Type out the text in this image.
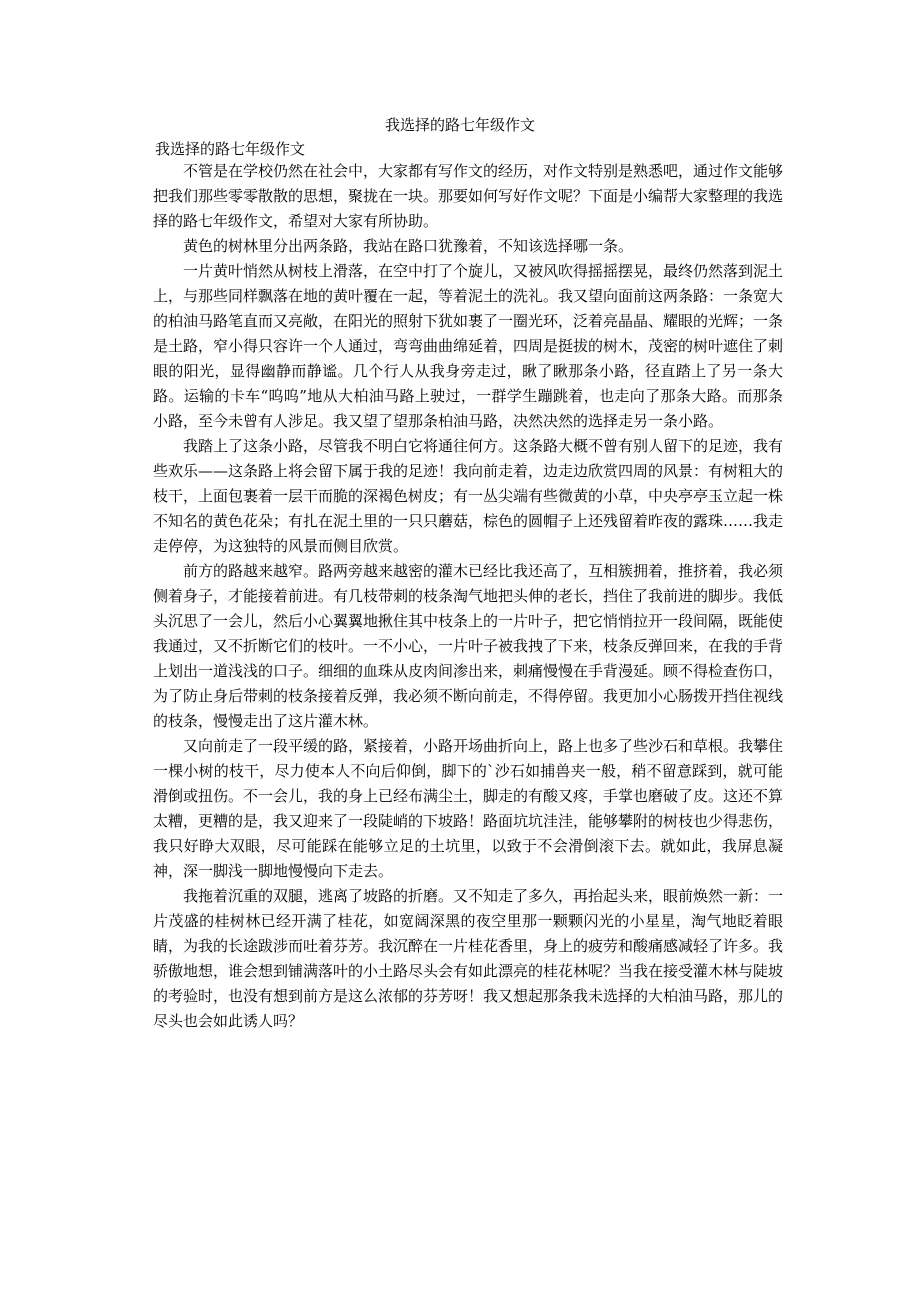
我选择的路七年级作文
我选择的路七年级作文

不管是在学校仍然在社会中，大家都有写作文的经历，对作文特别是熟悉吧，通过作文能够把我们那些零零散散的思想，聚拢在一块。那要如何写好作文呢？下面是小编帮大家整理的我选择的路七年级作文，希望对大家有所协助。

黄色的树林里分出两条路，我站在路口犹豫着，不知该选择哪一条。

一片黄叶悄然从树枝上滑落，在空中打了个旋儿，又被风吹得摇摇摆晃，最终仍然落到泥土上，与那些同样飘落在地的黄叶覆在一起，等着泥土的洗礼。我又望向面前这两条路：一条宽大的柏油马路笔直而又亮敞，在阳光的照射下犹如裹了一圈光环，泛着亮晶晶、耀眼的光辉；一条是土路，窄小得只容许一个人通过，弯弯曲曲绵延着，四周是挺拔的树木，茂密的树叶遮住了刺眼的阳光，显得幽静而静谧。几个行人从我身旁走过，瞅了瞅那条小路，径直踏上了另一条大路。运输的卡车“呜呜”地从大柏油马路上驶过，一群学生蹦跳着，也走向了那条大路。而那条小路，至今未曾有人涉足。我又望了望那条柏油马路，决然决然的选择走另一条小路。

我踏上了这条小路，尽管我不明白它将通往何方。这条路大概不曾有别人留下的足迹，我有些欢乐——这条路上将会留下属于我的足迹！我向前走着，边走边欣赏四周的风景：有树粗大的枝干，上面包裹着一层干而脆的深褐色树皮；有一丛尖端有些微黄的小草，中央亭亭玉立起一株不知名的黄色花朵；有扎在泥土里的一只只蘑菇，棕色的圆帽子上还残留着昨夜的露珠……我走走停停，为这独特的风景而侧目欣赏。

前方的路越来越窄。路两旁越来越密的灌木已经比我还高了，互相簇拥着，推挤着，我必须侧着身子，才能接着前进。有几枝带刺的枝条淘气地把头伸的老长，挡住了我前进的脚步。我低头沉思了一会儿，然后小心翼翼地揪住其中枝条上的一片叶子，把它悄悄拉开一段间隔，既能使我通过，又不折断它们的枝叶。一不小心，一片叶子被我拽了下来，枝条反弹回来，在我的手背上划出一道浅浅的口子。细细的血珠从皮肉间渗出来，刺痛慢慢在手背漫延。顾不得检查伤口，为了防止身后带刺的枝条接着反弹，我必须不断向前走，不得停留。我更加小心肠拨开挡住视线的枝条，慢慢走出了这片灌木林。

又向前走了一段平缓的路，紧接着，小路开场曲折向上，路上也多了些沙石和草根。我攀住一棵小树的枝干，尽力使本人不向后仰倒，脚下的`沙石如捕兽夹一般，稍不留意踩到，就可能滑倒或扭伤。不一会儿，我的身上已经布满尘土，脚走的有酸又疼，手掌也磨破了皮。这还不算太糟，更糟的是，我又迎来了一段陡峭的下坡路！路面坑坑洼洼，能够攀附的树枝也少得悲伤，我只好睁大双眼，尽可能踩在能够立足的土坑里，以致于不会滑倒滚下去。就如此，我屏息凝神，深一脚浅一脚地慢慢向下走去。

我拖着沉重的双腿，逃离了坡路的折磨。又不知走了多久，再抬起头来，眼前焕然一新：一片茂盛的桂树林已经开满了桂花，如宽阔深黑的夜空里那一颗颗闪光的小星星，淘气地眨着眼睛，为我的长途跋涉而吐着芬芳。我沉醉在一片桂花香里，身上的疲劳和酸痛感减轻了许多。我骄傲地想，谁会想到铺满落叶的小土路尽头会有如此漂亮的桂花林呢？当我在接受灌木林与陡坡的考验时，也没有想到前方是这么浓郁的芬芳呀！我又想起那条我未选择的大柏油马路，那儿的尽头也会如此诱人吗？
